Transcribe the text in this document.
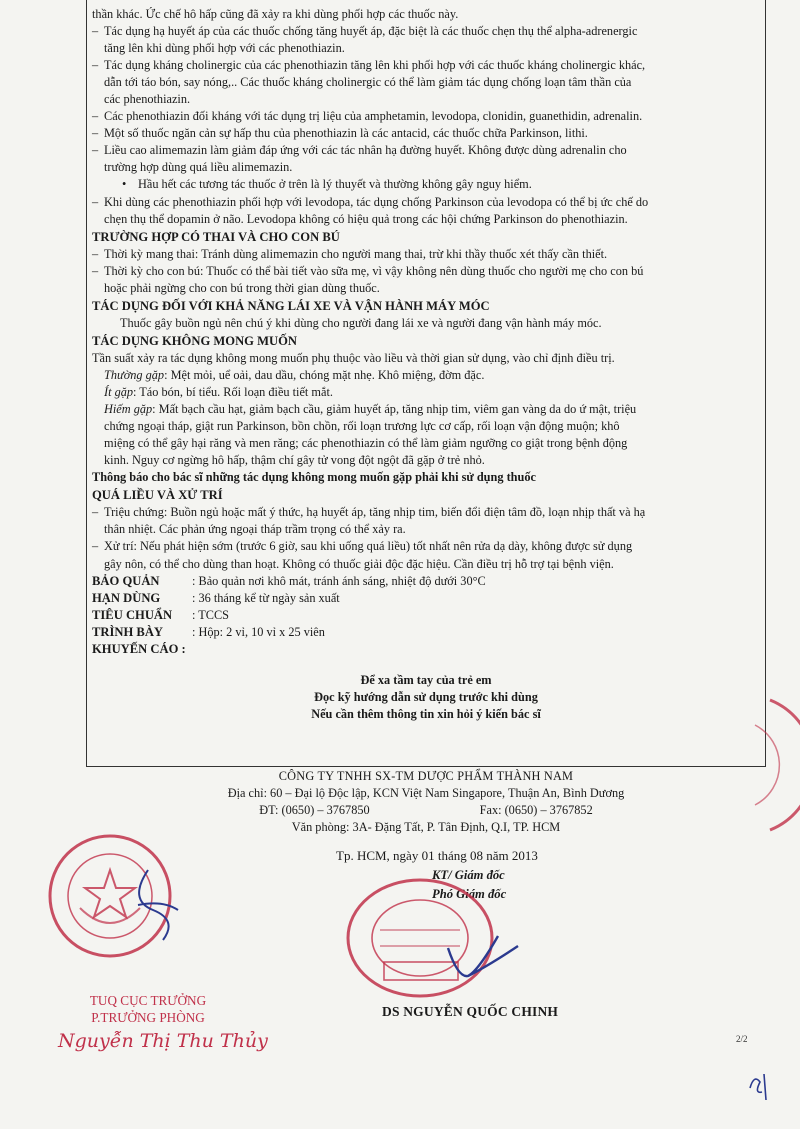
thần khác. Ức chế hô hấp cũng đã xảy ra khi dùng phối hợp các thuốc này.
– Tác dụng hạ huyết áp của các thuốc chống tăng huyết áp, đặc biệt là các thuốc chẹn thụ thể alpha-adrenergic
tăng lên khi dùng phối hợp với các phenothiazin.
– Tác dụng kháng cholinergic của các phenothiazin tăng lên khi phối hợp với các thuốc kháng cholinergic khác,
dẫn tới táo bón, say nóng,.. Các thuốc kháng cholinergic có thể làm giảm tác dụng chống loạn tâm thần của
các phenothiazin.
– Các phenothiazin đối kháng với tác dụng trị liệu của amphetamin, levodopa, clonidin, guanethidin, adrenalin.
– Một số thuốc ngăn cản sự hấp thu của phenothiazin là các antacid, các thuốc chữa Parkinson, lithi.
– Liều cao alimemazin làm giảm đáp ứng với các tác nhân hạ đường huyết. Không được dùng adrenalin cho
trường hợp dùng quá liều alimemazin.
• Hầu hết các tương tác thuốc ở trên là lý thuyết và thường không gây nguy hiểm.
– Khi dùng các phenothiazin phối hợp với levodopa, tác dụng chống Parkinson của levodopa có thể bị ức chế do
chẹn thụ thể dopamin ở não. Levodopa không có hiệu quả trong các hội chứng Parkinson do phenothiazin.
TRƯỜNG HỢP CÓ THAI VÀ CHO CON BÚ
– Thời kỳ mang thai: Tránh dùng alimemazin cho người mang thai, trừ khi thầy thuốc xét thấy cần thiết.
– Thời kỳ cho con bú: Thuốc có thể bài tiết vào sữa mẹ, vì vậy không nên dùng thuốc cho người mẹ cho con bú
hoặc phải ngừng cho con bú trong thời gian dùng thuốc.
TÁC DỤNG ĐỐI VỚI KHẢ NĂNG LÁI XE VÀ VẬN HÀNH MÁY MÓC
Thuốc gây buồn ngủ nên chú ý khi dùng cho người đang lái xe và người đang vận hành máy móc.
TÁC DỤNG KHÔNG MONG MUỐN
Tần suất xảy ra tác dụng không mong muốn phụ thuộc vào liều và thời gian sử dụng, vào chỉ định điều trị.
Thường gặp: Mệt mỏi, uể oải, dau dầu, chóng mặt nhẹ. Khô miệng, đờm đặc.
Ít gặp: Táo bón, bí tiểu. Rối loạn điều tiết mắt.
Hiếm gặp: Mất bạch cầu hạt, giảm bạch cầu, giảm huyết áp, tăng nhịp tim, viêm gan vàng da do ứ mật, triệu
chứng ngoại tháp, giật run Parkinson, bồn chồn, rối loạn trương lực cơ cấp, rối loạn vận động muộn; khô
miệng có thể gây hại răng và men răng; các phenothiazin có thể làm giảm ngưỡng co giật trong bệnh động
kinh. Nguy cơ ngừng hô hấp, thậm chí gây tử vong đột ngột đã gặp ở trẻ nhỏ.
Thông báo cho bác sĩ những tác dụng không mong muốn gặp phải khi sử dụng thuốc
QUÁ LIỀU VÀ XỬ TRÍ
– Triệu chứng: Buồn ngủ hoặc mất ý thức, hạ huyết áp, tăng nhịp tim, biến đổi điện tâm đồ, loạn nhịp thất và hạ
thân nhiệt. Các phản ứng ngoại tháp trầm trọng có thể xảy ra.
– Xử trí: Nếu phát hiện sớm (trước 6 giờ, sau khi uống quá liều) tốt nhất nên rửa dạ dày, không được sử dụng
gây nôn, có thể cho dùng than hoạt. Không có thuốc giải độc đặc hiệu. Cần điều trị hỗ trợ tại bệnh viện.
BẢO QUẢN	: Bảo quản nơi khô mát, tránh ánh sáng, nhiệt độ dưới 30°C
HẠN DÙNG	: 36 tháng kể từ ngày sản xuất
TIÊU CHUẨN	: TCCS
TRÌNH BÀY	: Hộp: 2 vỉ, 10 vỉ x 25 viên
KHUYẾN CÁO :
Để xa tầm tay của trẻ em
Đọc kỹ hướng dẫn sử dụng trước khi dùng
Nếu cần thêm thông tin xin hỏi ý kiến bác sĩ
CÔNG TY TNHH SX-TM DƯỢC PHẨM THÀNH NAM
Địa chỉ: 60 – Đại lộ Độc lập, KCN Việt Nam Singapore, Thuận An, Bình Dương
ĐT: (0650) – 3767850	Fax: (0650) – 3767852
Văn phòng: 3A- Đặng Tất, P. Tân Định, Q.I, TP. HCM
Tp. HCM, ngày 01 tháng 08 năm 2013
KT/ Giám đốc
Phó Giám đốc
TUQ CỤC TRƯỞNG
P.TRƯỞNG PHÒNG
Nguyễn Thị Thu Thủy
DS NGUYỄN QUỐC CHINH
2/2
